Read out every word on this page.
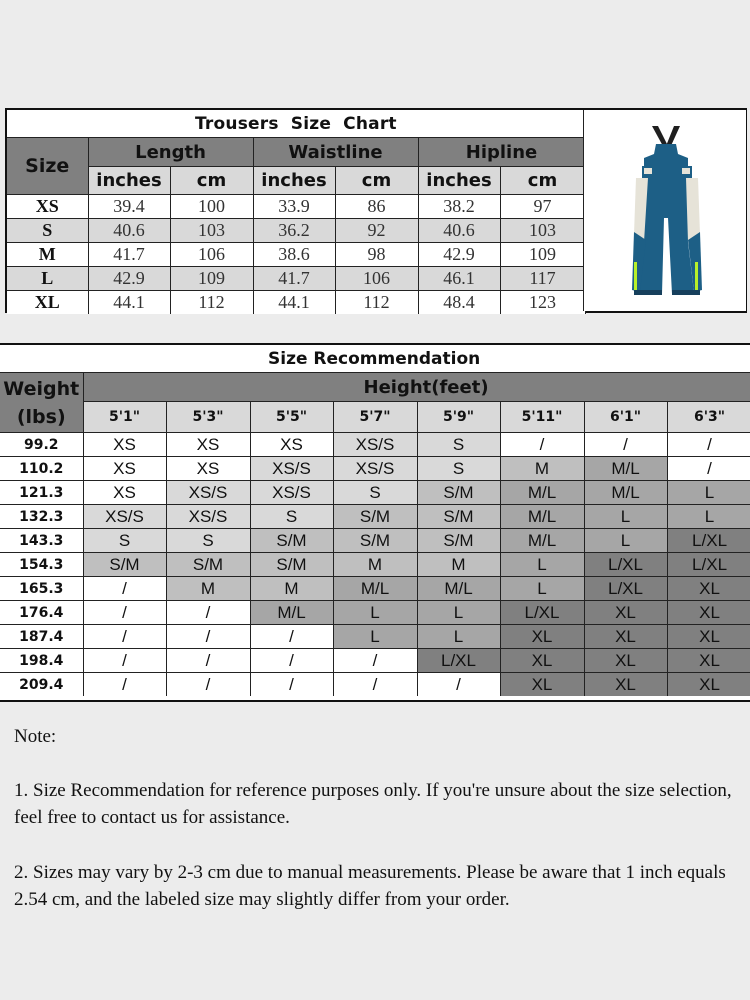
Trousers Size Chart						
Size	Length		Waistline		Hipline	
	inches	cm	inches	cm	inches	cm
XS	39.4	100	33.9	86	38.2	97
S	40.6	103	36.2	92	40.6	103
M	41.7	106	38.6	98	42.9	109
L	42.9	109	41.7	106	46.1	117
XL	44.1	112	44.1	112	48.4	123
Size Recommendation								

Weight
(lbs)	Height(feet)							
	5'1"	5'3"	5'5"	5'7"	5'9"	5'11"	6'1"	6'3"
99.2	XS	XS	XS	XS/S	S	/	/	/
110.2	XS	XS	XS/S	XS/S	S	M	M/L	/
121.3	XS	XS/S	XS/S	S	S/M	M/L	M/L	L
132.3	XS/S	XS/S	S	S/M	S/M	M/L	L	L
143.3	S	S	S/M	S/M	S/M	M/L	L	L/XL
154.3	S/M	S/M	S/M	M	M	L	L/XL	L/XL
165.3	/	M	M	M/L	M/L	L	L/XL	XL
176.4	/	/	M/L	L	L	L/XL	XL	XL
187.4	/	/	/	L	L	XL	XL	XL
198.4	/	/	/	/	L/XL	XL	XL	XL
209.4	/	/	/	/	/	XL	XL	XL
Note:
1. Size Recommendation for reference purposes only. If you're unsure about the size selection, feel free to contact us for assistance.
2. Sizes may vary by 2-3 cm due to manual measurements. Please be aware that 1 inch equals 2.54 cm, and the labeled size may slightly differ from your order.
